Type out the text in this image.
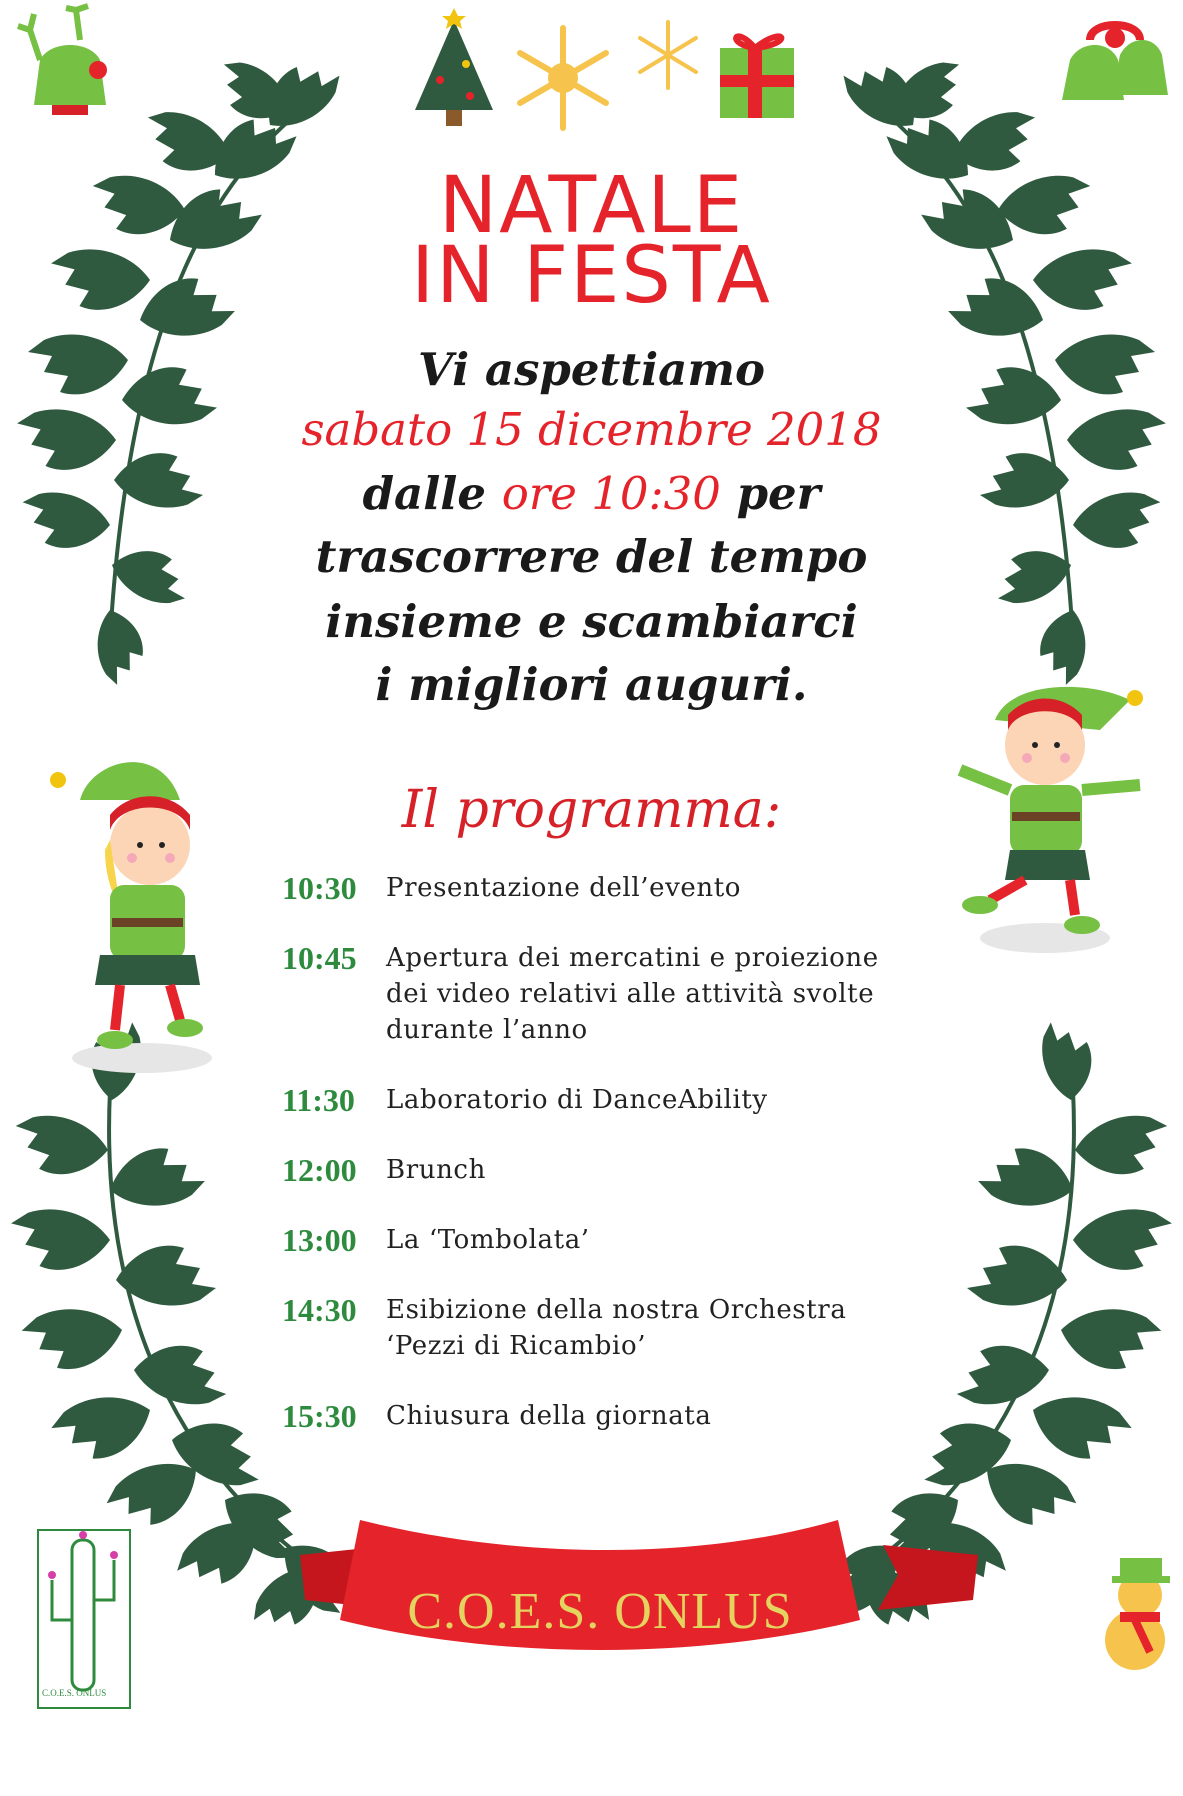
NATALE
IN FESTA
Vi aspettiamo
sabato 15 dicembre 2018
dalle ore 10:30 per
trascorrere del tempo
insieme e scambiarci
i migliori auguri.
Il programma:
10:30	Presentazione dell’evento
10:45	Apertura dei mercatini e proiezione
dei video relativi alle attività svolte
durante l’anno
11:30	Laboratorio di DanceAbility
12:00	Brunch
13:00	La ‘Tombolata’
14:30	Esibizione della nostra Orchestra
‘Pezzi di Ricambio’
15:30	Chiusura della giornata
C.O.E.S. ONLUS
C.O.E.S. ONLUS
